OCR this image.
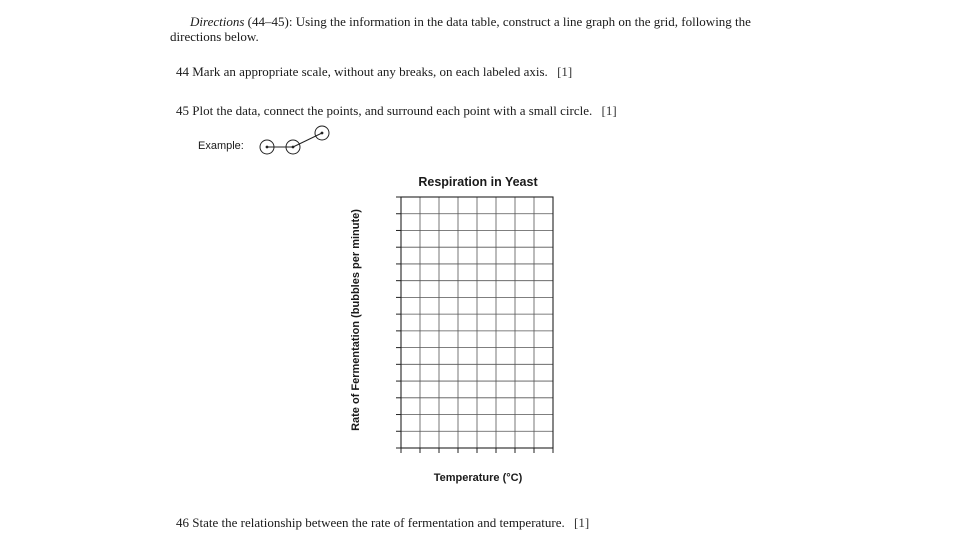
Directions (44–45): Using the information in the data table, construct a line graph on the grid, following the
directions below.
44 Mark an appropriate scale, without any breaks, on each labeled axis. [1]
45 Plot the data, connect the points, and surround each point with a small circle. [1]
Example:
Respiration in Yeast
Rate of Fermentation (bubbles per minute)
Temperature (°C)
46 State the relationship between the rate of fermentation and temperature. [1]
